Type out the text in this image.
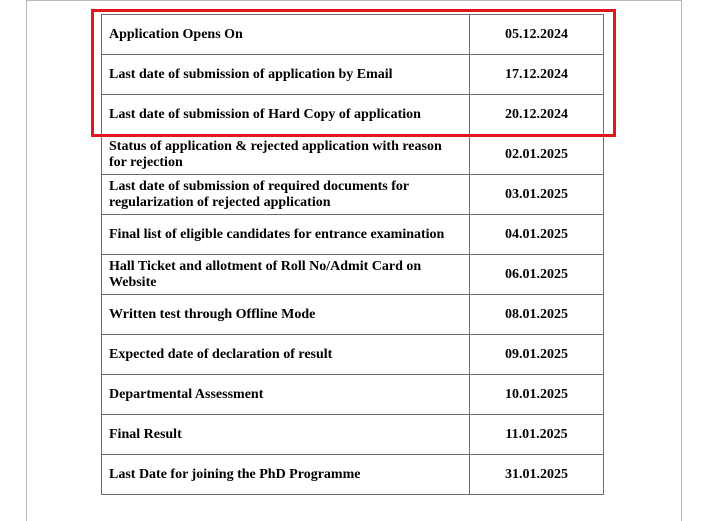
Application Opens On	05.12.2024
Last date of submission of application by Email	17.12.2024
Last date of submission of Hard Copy of application	20.12.2024
Status of application & rejected application with reason for rejection	02.01.2025
Last date of submission of required documents for regularization of rejected application	03.01.2025
Final list of eligible candidates for entrance examination	04.01.2025
Hall Ticket and allotment of Roll No/Admit Card on Website	06.01.2025
Written test through Offline Mode	08.01.2025
Expected date of declaration of result	09.01.2025
Departmental Assessment	10.01.2025
Final Result	11.01.2025
Last Date for joining the PhD Programme	31.01.2025
